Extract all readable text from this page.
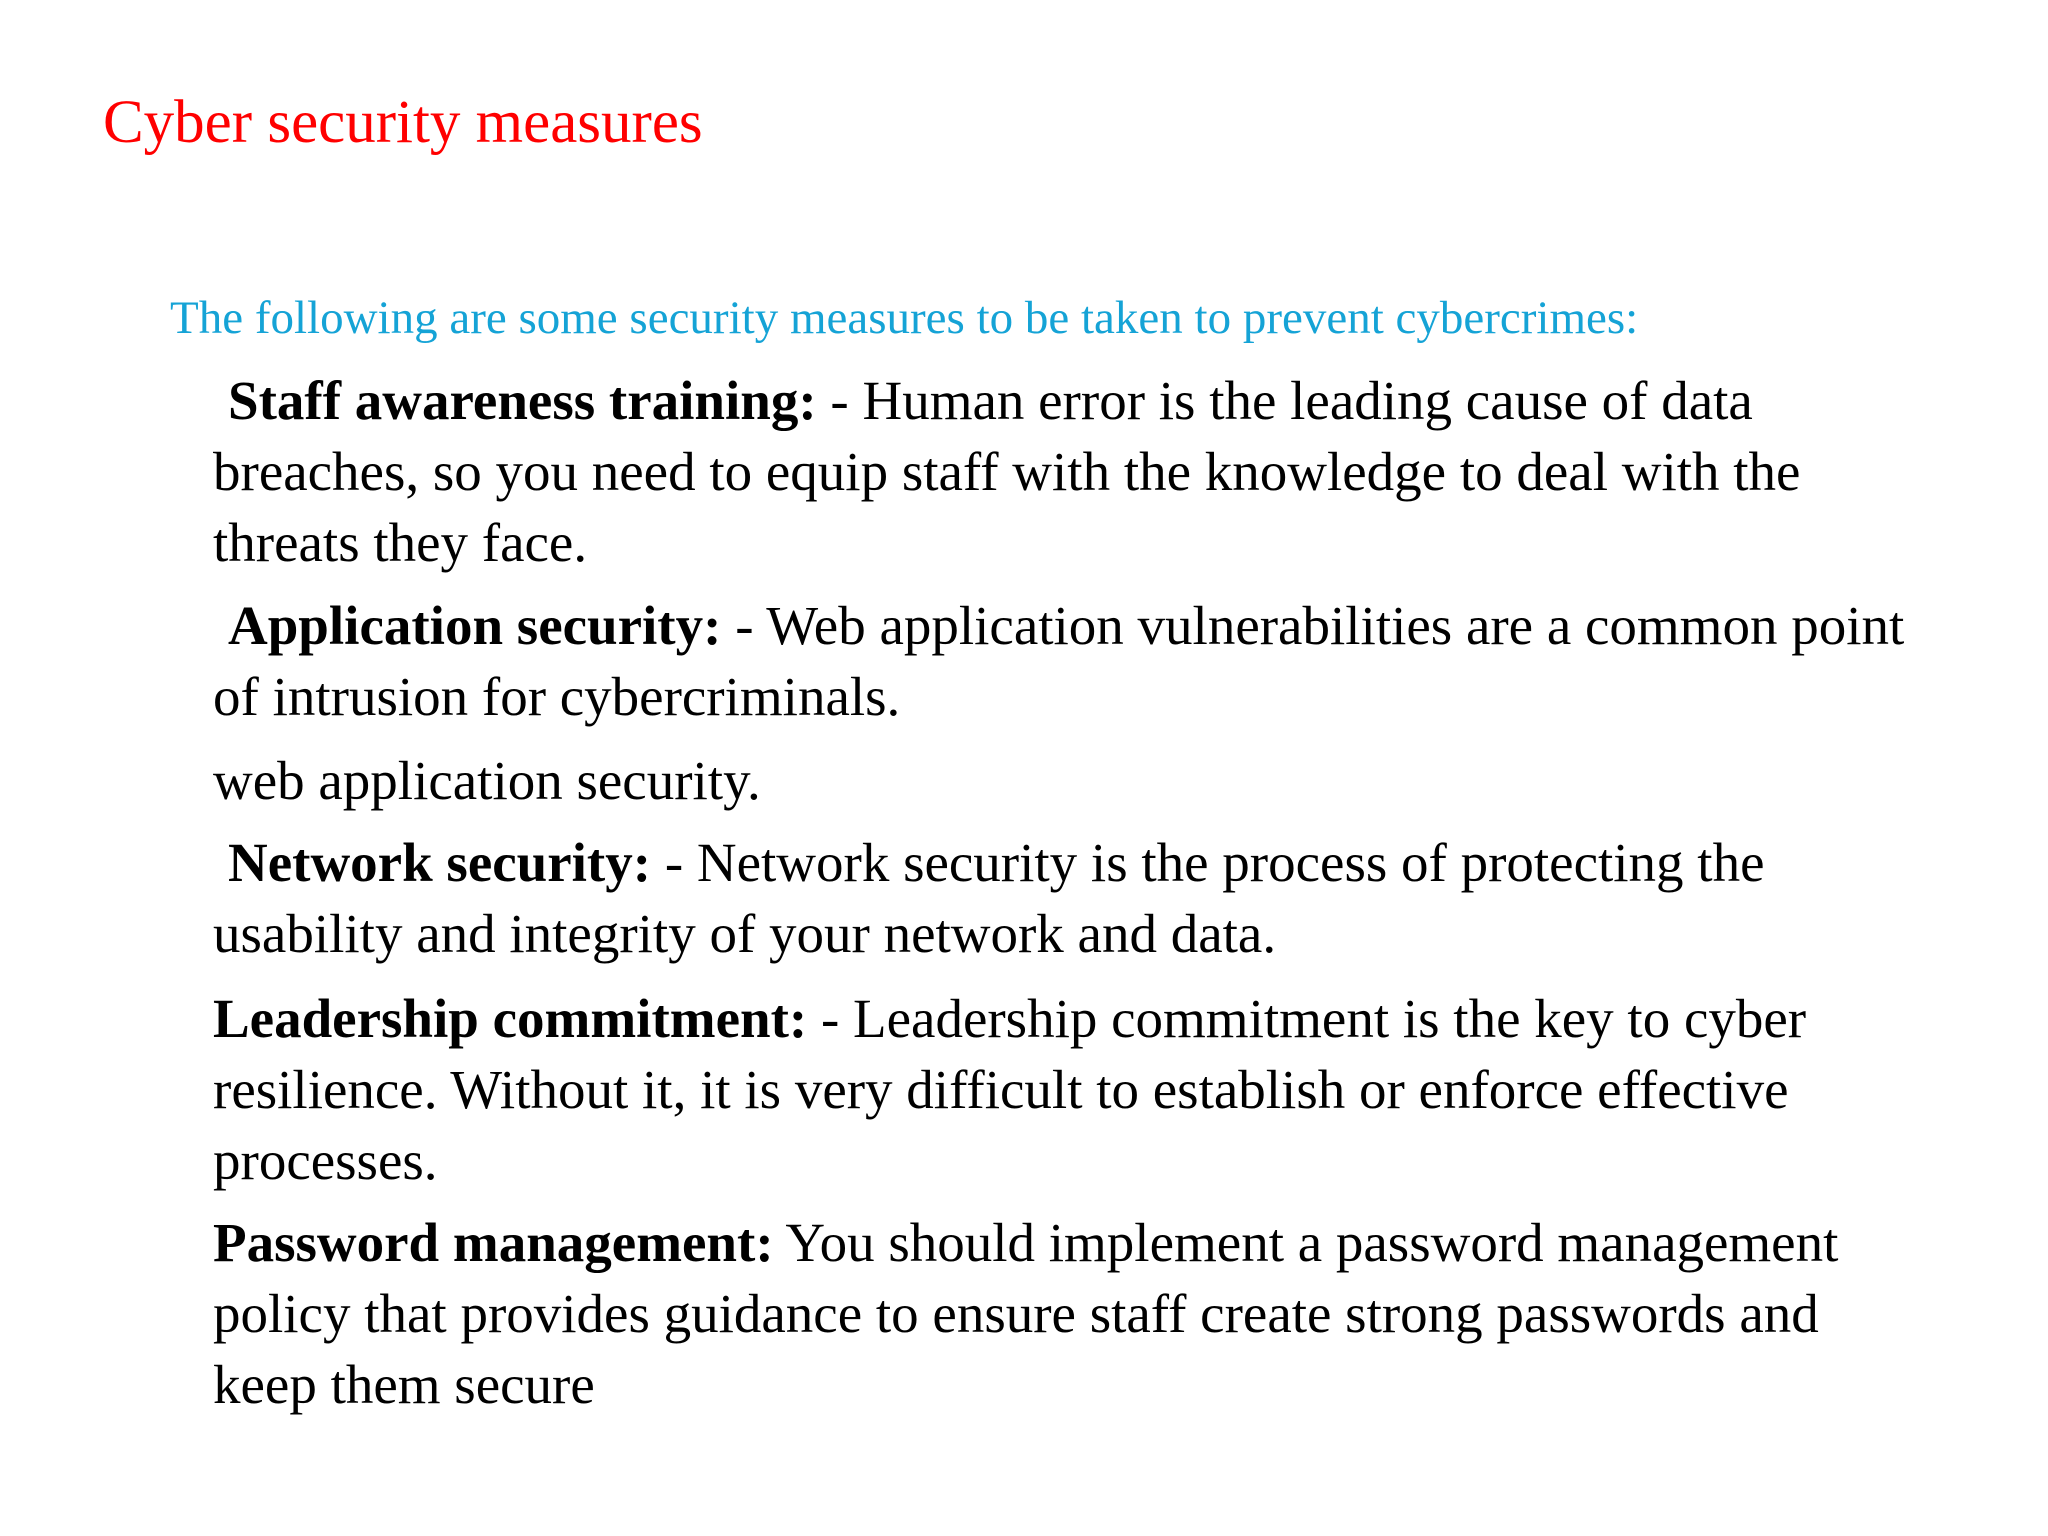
Cyber security measures

The following are some security measures to be taken to prevent cybercrimes:

Staff awareness training: - Human error is the leading cause of data
breaches, so you need to equip staff with the knowledge to deal with the
threats they face.
Application security: - Web application vulnerabilities are a common point
of intrusion for cybercriminals.
web application security.
Network security: - Network security is the process of protecting the
usability and integrity of your network and data.
Leadership commitment: - Leadership commitment is the key to cyber
resilience. Without it, it is very difficult to establish or enforce effective
processes.
Password management: You should implement a password management
policy that provides guidance to ensure staff create strong passwords and
keep them secure
